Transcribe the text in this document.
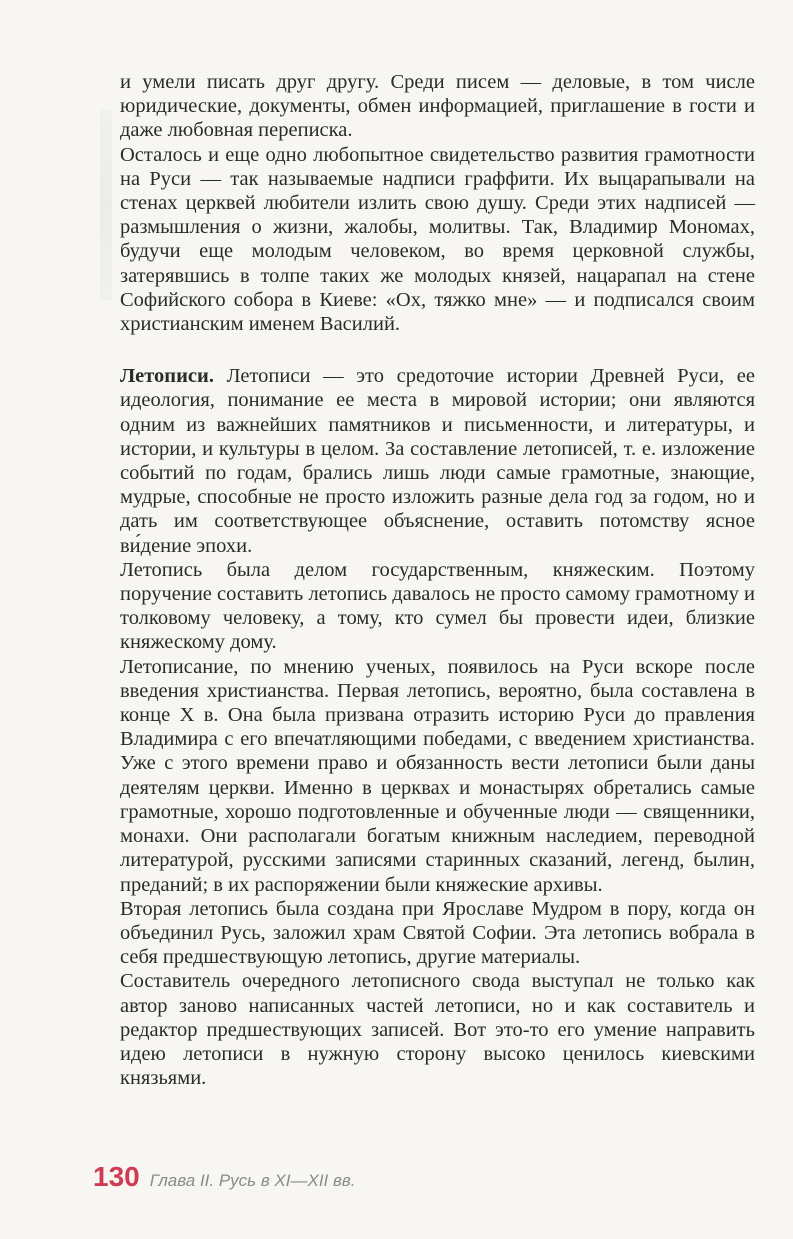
и умели писать друг другу. Среди писем — деловые, в том числе юридические, документы, обмен информацией, приглашение в гости и даже любовная переписка.

Осталось и еще одно любопытное свидетельство развития грамотности на Руси — так называемые надписи граффити. Их выцарапывали на стенах церквей любители излить свою душу. Среди этих надписей — размышления о жизни, жалобы, молитвы. Так, Владимир Мономах, будучи еще молодым человеком, во время церковной службы, затерявшись в толпе таких же молодых князей, нацарапал на стене Софийского собора в Киеве: «Ох, тяжко мне» — и подписался своим христианским именем Василий.

Летописи. Летописи — это средоточие истории Древней Руси, ее идеология, понимание ее места в мировой истории; они являются одним из важнейших памятников и письменности, и литературы, и истории, и культуры в целом. За составление летописей, т. е. изложение событий по годам, брались лишь люди самые грамотные, знающие, мудрые, способные не просто изложить разные дела год за годом, но и дать им соответствующее объяснение, оставить потомству ясное ви́дение эпохи.

Летопись была делом государственным, княжеским. Поэтому поручение составить летопись давалось не просто самому грамотному и толковому человеку, а тому, кто сумел бы провести идеи, близкие княжескому дому.

Летописание, по мнению ученых, появилось на Руси вскоре после введения христианства. Первая летопись, вероятно, была составлена в конце X в. Она была призвана отразить историю Руси до правления Владимира с его впечатляющими победами, с введением христианства. Уже с этого времени право и обязанность вести летописи были даны деятелям церкви. Именно в церквах и монастырях обретались самые грамотные, хорошо подготовленные и обученные люди — священники, монахи. Они располагали богатым книжным наследием, переводной литературой, русскими записями старинных сказаний, легенд, былин, преданий; в их распоряжении были княжеские архивы.

Вторая летопись была создана при Ярославе Мудром в пору, когда он объединил Русь, заложил храм Святой Софии. Эта летопись вобрала в себя предшествующую летопись, другие материалы.

Составитель очередного летописного свода выступал не только как автор заново написанных частей летописи, но и как составитель и редактор предшествующих записей. Вот это-то его умение направить идею летописи в нужную сторону высоко ценилось киевскими князьями.

130 Глава II. Русь в XI—XII вв.
